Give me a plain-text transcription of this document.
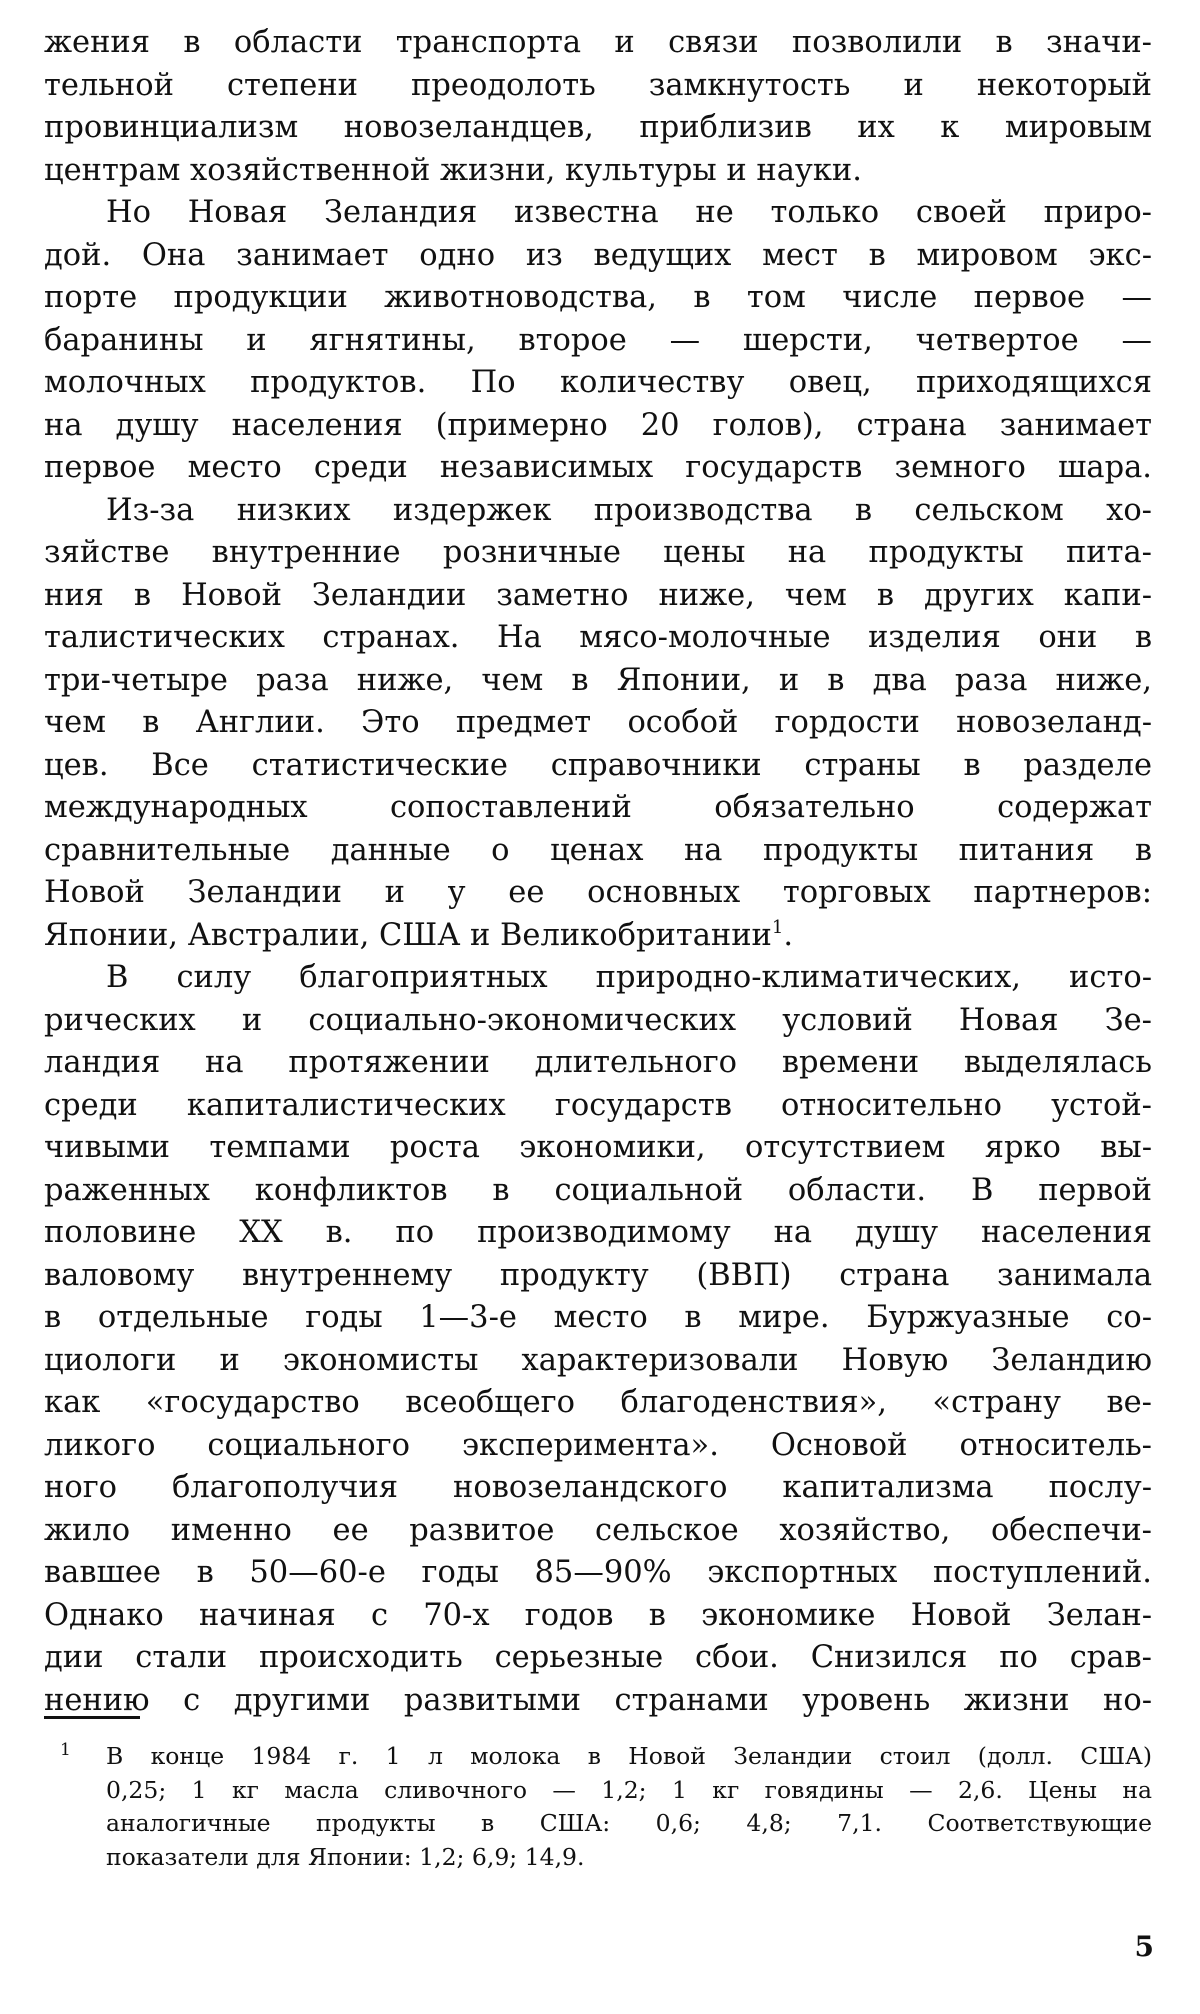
жения в области транспорта и связи позволили в значи-
тельной степени преодолоть замкнутость и некоторый
провинциализм новозеландцев, приблизив их к мировым
центрам хозяйственной жизни, культуры и науки.
Но Новая Зеландия известна не только своей приро-
дой. Она занимает одно из ведущих мест в мировом экс-
порте продукции животноводства, в том числе первое —
баранины и ягнятины, второе — шерсти, четвертое —
молочных продуктов. По количеству овец, приходящихся
на душу населения (примерно 20 голов), страна занимает
первое место среди независимых государств земного шара.
Из-за низких издержек производства в сельском хо-
зяйстве внутренние розничные цены на продукты пита-
ния в Новой Зеландии заметно ниже, чем в других капи-
талистических странах. На мясо-молочные изделия они в
три-четыре раза ниже, чем в Японии, и в два раза ниже,
чем в Англии. Это предмет особой гордости новозеланд-
цев. Все статистические справочники страны в разделе
международных сопоставлений обязательно содержат
сравнительные данные о ценах на продукты питания в
Новой Зеландии и у ее основных торговых партнеров:
Японии, Австралии, США и Великобритании$^1$.
В силу благоприятных природно-климатических, исто-
рических и социально-экономических условий Новая Зе-
ландия на протяжении длительного времени выделялась
среди капиталистических государств относительно устой-
чивыми темпами роста экономики, отсутствием ярко вы-
раженных конфликтов в социальной области. В первой
половине XX в. по производимому на душу населения
валовому внутреннему продукту (ВВП) страна занимала
в отдельные годы 1—3-е место в мире. Буржуазные со-
циологи и экономисты характеризовали Новую Зеландию
как «государство всеобщего благоденствия», «страну ве-
ликого социального эксперимента». Основой относитель-
ного благополучия новозеландского капитализма послу-
жило именно ее развитое сельское хозяйство, обеспечи-
вавшее в 50—60-е годы 85—90% экспортных поступлений.
Однако начиная с 70-х годов в экономике Новой Зелан-
дии стали происходить серьезные сбои. Снизился по срав-
нению с другими развитыми странами уровень жизни но-
1 В конце 1984 г. 1 л молока в Новой Зеландии стоил (долл. США)
0,25; 1 кг масла сливочного — 1,2; 1 кг говядины — 2,6. Цены на
аналогичные продукты в США: 0,6; 4,8; 7,1. Соответствующие
показатели для Японии: 1,2; 6,9; 14,9.
5
